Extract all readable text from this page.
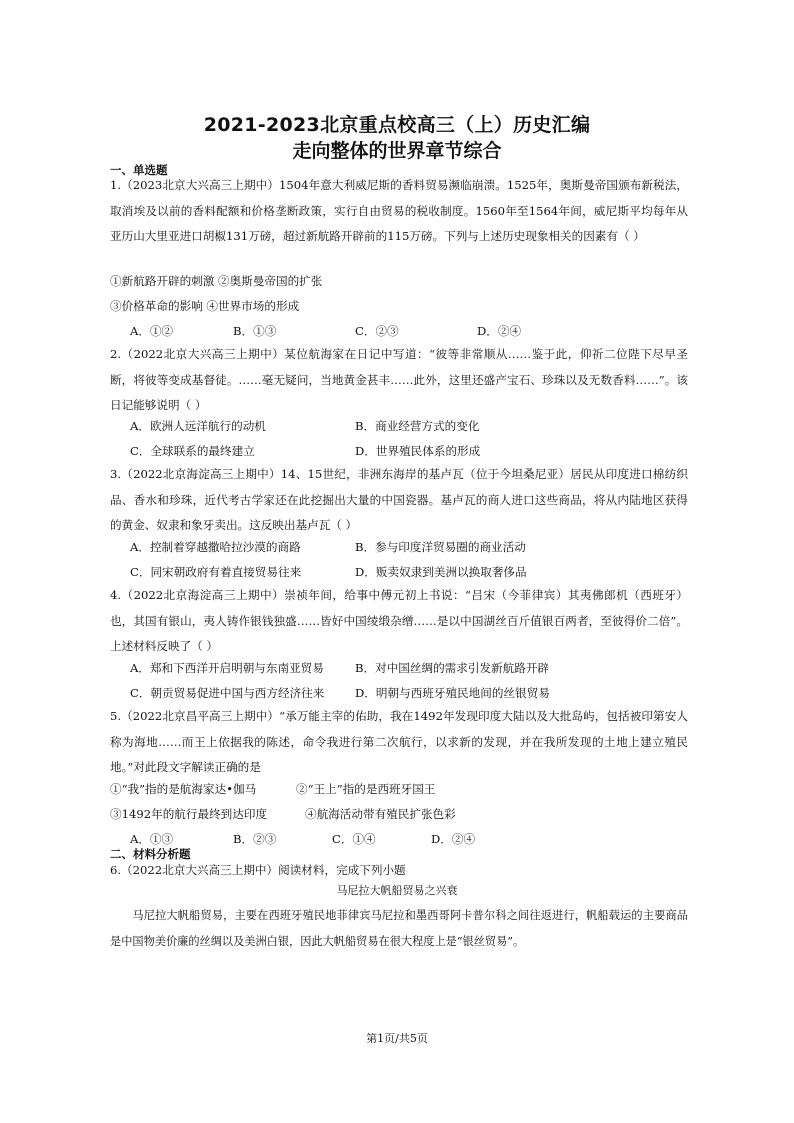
2021-2023北京重点校高三（上）历史汇编
走向整体的世界章节综合
一、单选题
1.（2023北京大兴高三上期中）1504年意大利威尼斯的香料贸易濒临崩溃。1525年，奥斯曼帝国颁布新税法，取消埃及以前的香料配额和价格垄断政策，实行自由贸易的税收制度。1560年至1564年间，威尼斯平均每年从亚历山大里亚进口胡椒131万磅，超过新航路开辟前的115万磅。下列与上述历史现象相关的因素有（ ）
①新航路开辟的刺激 ②奥斯曼帝国的扩张
③价格革命的影响 ④世界市场的形成
A．①②	B．①③	C．②③	D．②④
2.（2022北京大兴高三上期中）某位航海家在日记中写道：“彼等非常顺从……鉴于此，仰祈二位陛下尽早圣断，将彼等变成基督徒。……毫无疑问，当地黄金甚丰……此外，这里还盛产宝石、珍珠以及无数香料……”。该日记能够说明（ ）
A．欧洲人远洋航行的动机	B．商业经营方式的变化
C．全球联系的最终建立	D．世界殖民体系的形成
3.（2022北京海淀高三上期中）14、15世纪，非洲东海岸的基卢瓦（位于今坦桑尼亚）居民从印度进口棉纺织品、香水和珍珠，近代考古学家还在此挖掘出大量的中国瓷器。基卢瓦的商人进口这些商品，将从内陆地区获得的黄金、奴隶和象牙卖出。这反映出基卢瓦（ ）
A．控制着穿越撒哈拉沙漠的商路	B．参与印度洋贸易圈的商业活动
C．同宋朝政府有着直接贸易往来	D．贩卖奴隶到美洲以换取奢侈品
4.（2022北京海淀高三上期中）崇祯年间，给事中傅元初上书说：“吕宋（今菲律宾）其夷佛郎机（西班牙）也，其国有银山，夷人铸作银钱独盛……皆好中国绫缎杂缯……是以中国湖丝百斤值银百两者，至彼得价二倍”。上述材料反映了（ ）
A．郑和下西洋开启明朝与东南亚贸易	B．对中国丝绸的需求引发新航路开辟
C．朝贡贸易促进中国与西方经济往来	D．明朝与西班牙殖民地间的丝银贸易
5.（2022北京昌平高三上期中）“承万能主宰的佑助，我在1492年发现印度大陆以及大批岛屿，包括被印第安人称为海地……而王上依据我的陈述，命令我进行第二次航行，以求新的发现，并在我所发现的土地上建立殖民地。”对此段文字解读正确的是
①“我”指的是航海家达•伽马	②“王上”指的是西班牙国王
③1492年的航行最终到达印度	④航海活动带有殖民扩张色彩
A．①③	B．②③	C．①④	D．②④
二、材料分析题
6.（2022北京大兴高三上期中）阅读材料，完成下列小题
马尼拉大帆船贸易之兴衰
马尼拉大帆船贸易，主要在西班牙殖民地菲律宾马尼拉和墨西哥阿卡普尔科之间往返进行，帆船载运的主要商品是中国物美价廉的丝绸以及美洲白银，因此大帆船贸易在很大程度上是“银丝贸易”。
第1页/共5页
